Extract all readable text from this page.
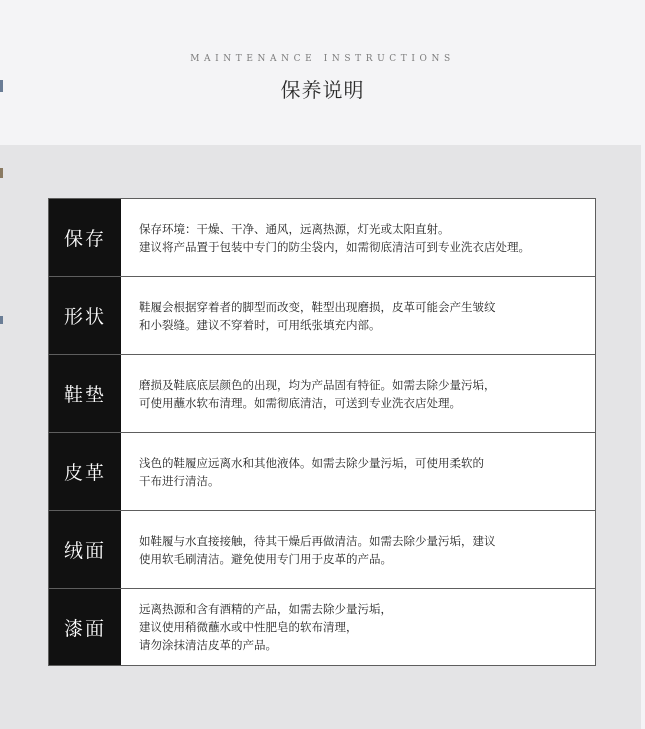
MAINTENANCE INSTRUCTIONS
保养说明
保存	保存环境：干燥、干净、通风，远离热源，灯光或太阳直射。
建议将产品置于包装中专门的防尘袋内，如需彻底清洁可到专业洗衣店处理。
形状	鞋履会根据穿着者的脚型而改变，鞋型出现磨损，皮革可能会产生皱纹
和小裂缝。建议不穿着时，可用纸张填充内部。
鞋垫	磨损及鞋底底层颜色的出现，均为产品固有特征。如需去除少量污垢，
可使用蘸水软布清理。如需彻底清洁，可送到专业洗衣店处理。
皮革	浅色的鞋履应远离水和其他液体。如需去除少量污垢，可使用柔软的
干布进行清洁。
绒面	如鞋履与水直接接触，待其干燥后再做清洁。如需去除少量污垢，建议
使用软毛刷清洁。避免使用专门用于皮革的产品。
漆面
远离热源和含有酒精的产品，如需去除少量污垢，
建议使用稍微蘸水或中性肥皂的软布清理，
请勿涂抹清洁皮革的产品。
